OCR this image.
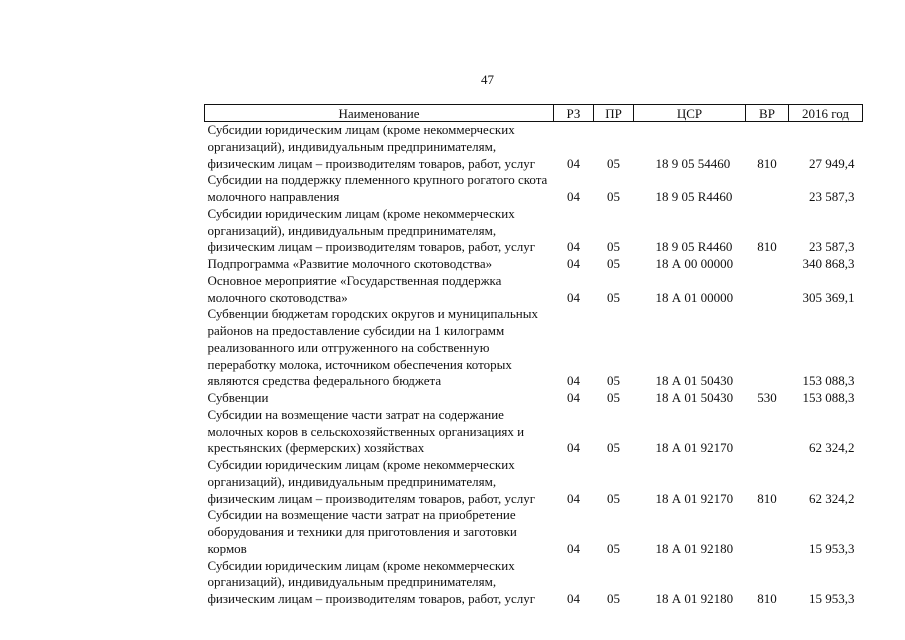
47
Наименование	РЗ	ПР	ЦСР	ВР	2016 год

Субсидии юридическим лицам (кроме некоммерческих
организаций), индивидуальным предпринимателям,
физическим лицам – производителям товаров, работ, услуг	04	05	18 9 05 54460	810	27 949,4

Субсидии на поддержку племенного крупного рогатого скота
молочного направления	04	05	18 9 05 R4460		23 587,3

Субсидии юридическим лицам (кроме некоммерческих
организаций), индивидуальным предпринимателям,
физическим лицам – производителям товаров, работ, услуг	04	05	18 9 05 R4460	810	23 587,3

Подпрограмма «Развитие молочного скотоводства»	04	05	18 А 00 00000		340 868,3

Основное мероприятие «Государственная поддержка
молочного скотоводства»	04	05	18 А 01 00000		305 369,1

Субвенции бюджетам городских округов и муниципальных
районов на предоставление субсидии на 1 килограмм
реализованного или отгруженного на собственную
переработку молока, источником обеспечения которых
являются средства федерального бюджета	04	05	18 А 01 50430		153 088,3

Субвенции	04	05	18 А 01 50430	530	153 088,3

Субсидии на возмещение части затрат на содержание
молочных коров в сельскохозяйственных организациях и
крестьянских (фермерских) хозяйствах	04	05	18 А 01 92170		62 324,2

Субсидии юридическим лицам (кроме некоммерческих
организаций), индивидуальным предпринимателям,
физическим лицам – производителям товаров, работ, услуг	04	05	18 А 01 92170	810	62 324,2

Субсидии на возмещение части затрат на приобретение
оборудования и техники для приготовления и заготовки
кормов	04	05	18 А 01 92180		15 953,3

Субсидии юридическим лицам (кроме некоммерческих
организаций), индивидуальным предпринимателям,
физическим лицам – производителям товаров, работ, услуг	04	05	18 А 01 92180	810	15 953,3
